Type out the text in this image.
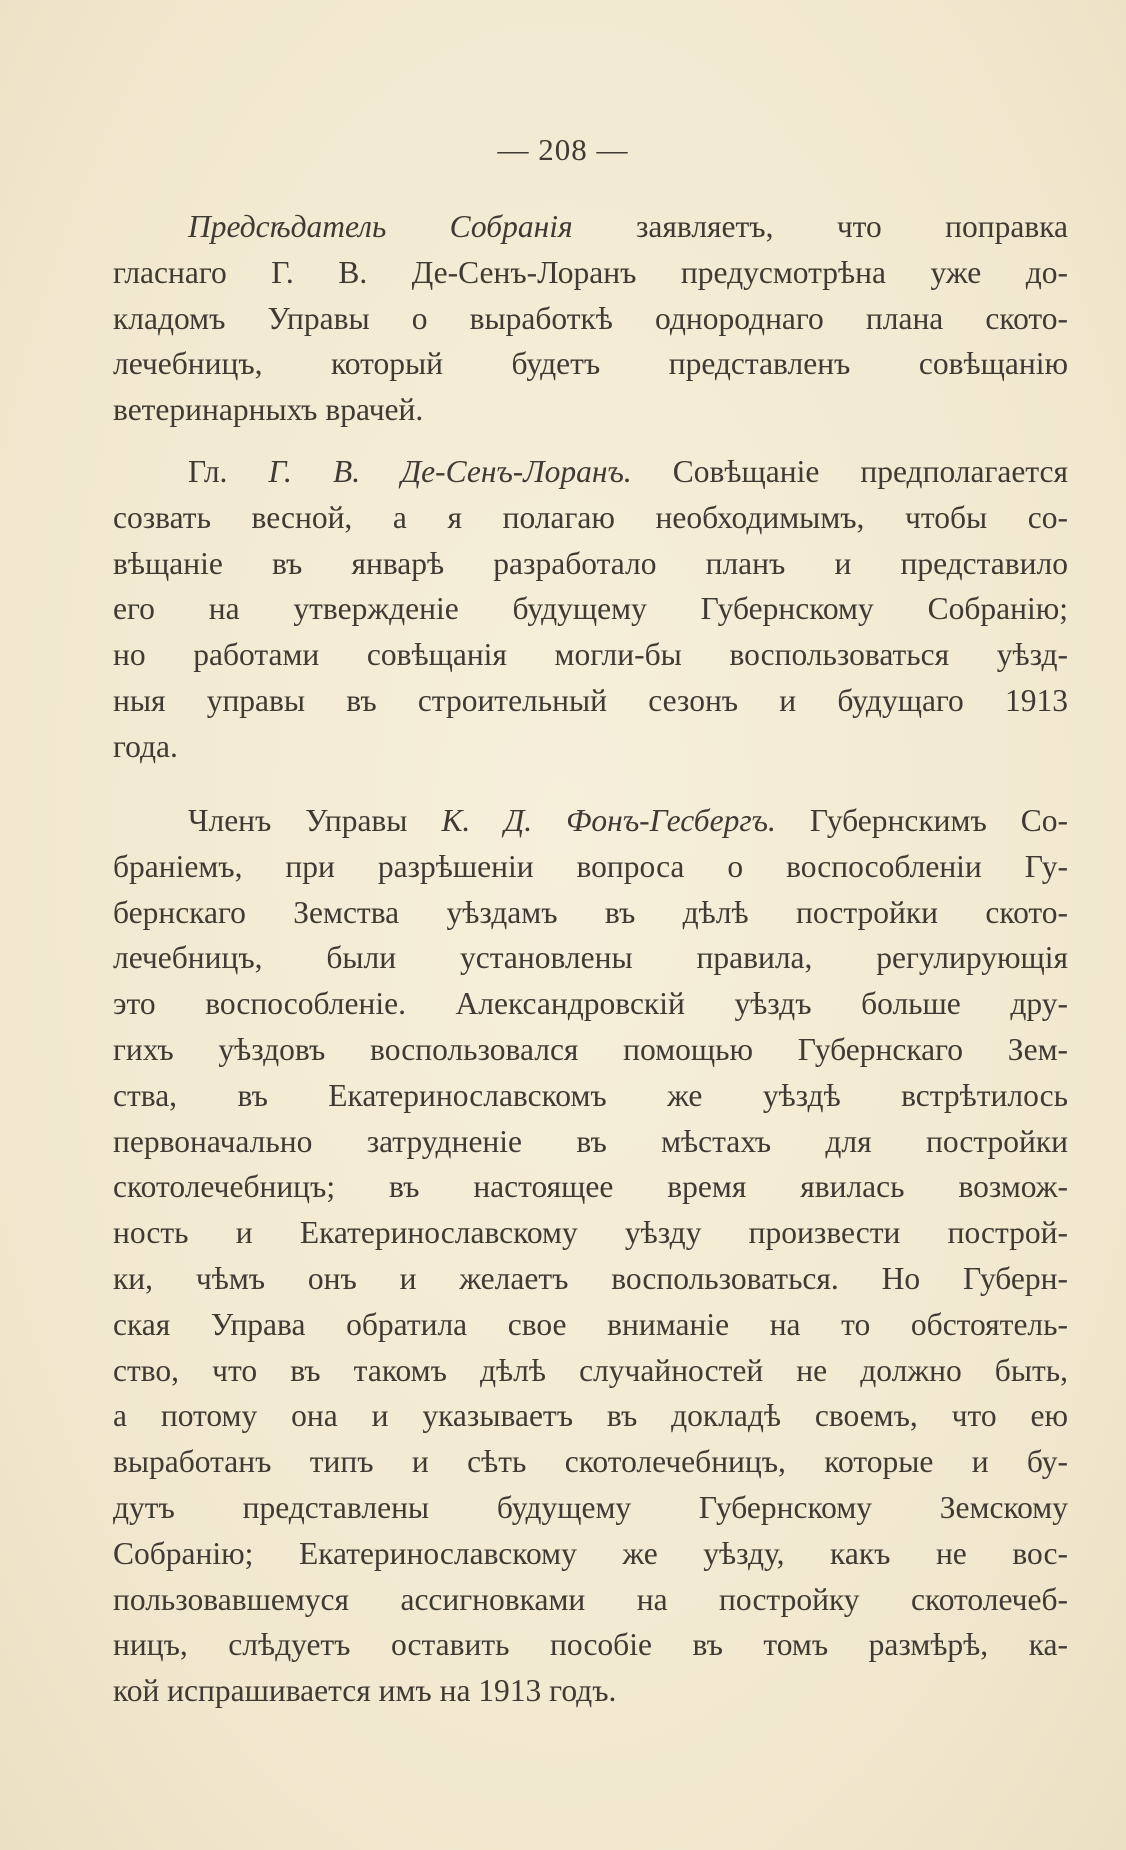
— 208 —
Предсѣдатель Собранія заявляетъ, что поправка
гласнаго Г. В. Де-Сенъ-Лоранъ предусмотрѣна уже до-
кладомъ Управы о выработкѣ однороднаго плана ското-
лечебницъ, который будетъ представленъ совѣщанію
ветеринарныхъ врачей.
Гл. Г. В. Де-Сенъ-Лоранъ. Совѣщаніе предполагается
созвать весной, а я полагаю необходимымъ, чтобы со-
вѣщаніе въ январѣ разработало планъ и представило
его на утвержденіе будущему Губернскому Собранію;
но работами совѣщанія могли-бы воспользоваться уѣзд-
ныя управы въ строительный сезонъ и будущаго 1913
года.
Членъ Управы К. Д. Фонъ-Гесбергъ. Губернскимъ Со-
браніемъ, при разрѣшеніи вопроса о воспособленіи Гу-
бернскаго Земства уѣздамъ въ дѣлѣ постройки ското-
лечебницъ, были установлены правила, регулирующія
это воспособленіе. Александровскій уѣздъ больше дру-
гихъ уѣздовъ воспользовался помощью Губернскаго Зем-
ства, въ Екатеринославскомъ же уѣздѣ встрѣтилось
первоначально затрудненіе въ мѣстахъ для постройки
скотолечебницъ; въ настоящее время явилась возмож-
ность и Екатеринославскому уѣзду произвести построй-
ки, чѣмъ онъ и желаетъ воспользоваться. Но Губерн-
ская Управа обратила свое вниманіе на то обстоятель-
ство, что въ такомъ дѣлѣ случайностей не должно быть,
а потому она и указываетъ въ докладѣ своемъ, что ею
выработанъ типъ и сѣть скотолечебницъ, которые и бу-
дутъ представлены будущему Губернскому Земскому
Собранію; Екатеринославскому же уѣзду, какъ не вос-
пользовавшемуся ассигновками на постройку скотолечеб-
ницъ, слѣдуетъ оставить пособіе въ томъ размѣрѣ, ка-
кой испрашивается имъ на 1913 годъ.
